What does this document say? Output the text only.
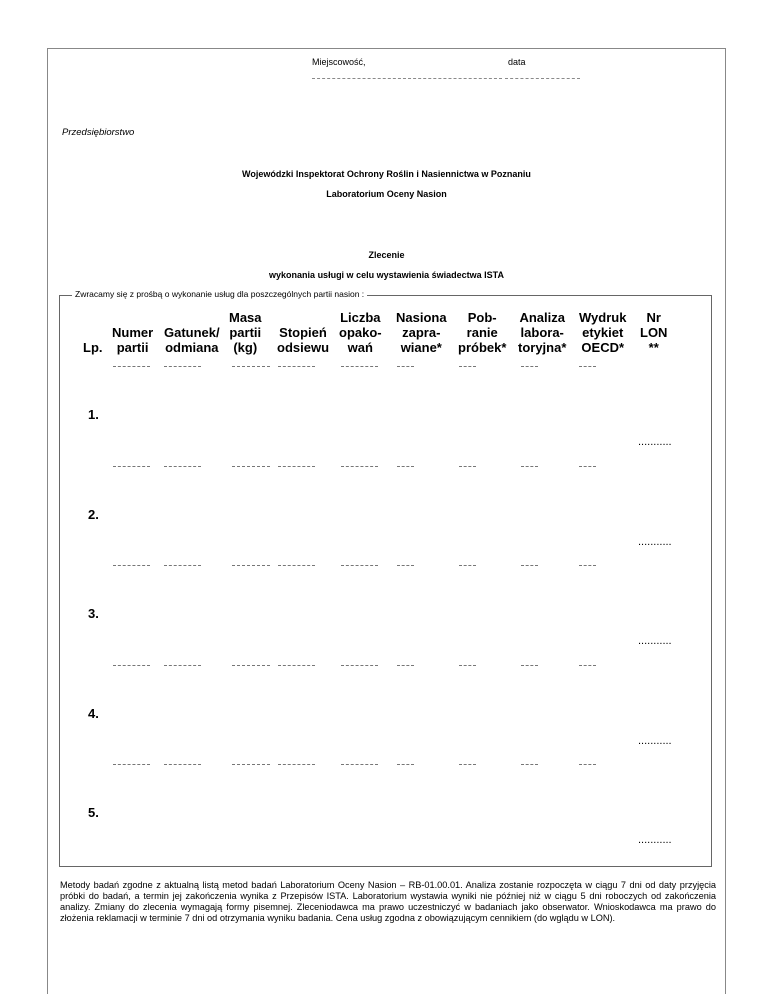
Miejscowość,	data
Przedsiębiorstwo
Wojewódzki Inspektorat Ochrony Roślin i Nasiennictwa w Poznaniu
Laboratorium Oceny Nasion
Zlecenie
wykonania usługi w celu wystawienia świadectwa ISTA
Zwracamy się z prośbą o wykonanie usług dla poszczególnych partii nasion :
Lp.
Numer
partii
Gatunek/
odmiana
Masa
partii
(kg)
Stopień
odsiewu
Liczba
opako-
wań
Nasiona
zapra-
wiane*
Pob-
ranie
próbek*
Analiza
labora-
toryjna*
Wydruk
etykiet
OECD*
Nr
LON
**
1.
...........
2.
...........
3.
...........
4.
...........
5.
...........
Metody badań zgodne z aktualną listą metod badań Laboratorium Oceny Nasion – RB-01.00.01. Analiza zostanie rozpoczęta w ciągu 7 dni od daty przyjęcia próbki do badań, a termin jej zakończenia wynika z Przepisów ISTA. Laboratorium wystawia wyniki nie później niż w ciągu 5 dni roboczych od zakończenia analizy. Zmiany do zlecenia wymagają formy pisemnej. Zleceniodawca ma prawo uczestniczyć w badaniach jako obserwator. Wnioskodawca ma prawo do złożenia reklamacji w terminie 7 dni od otrzymania wyniku badania. Cena usług zgodna z obowiązującym cennikiem (do wglądu w LON).
